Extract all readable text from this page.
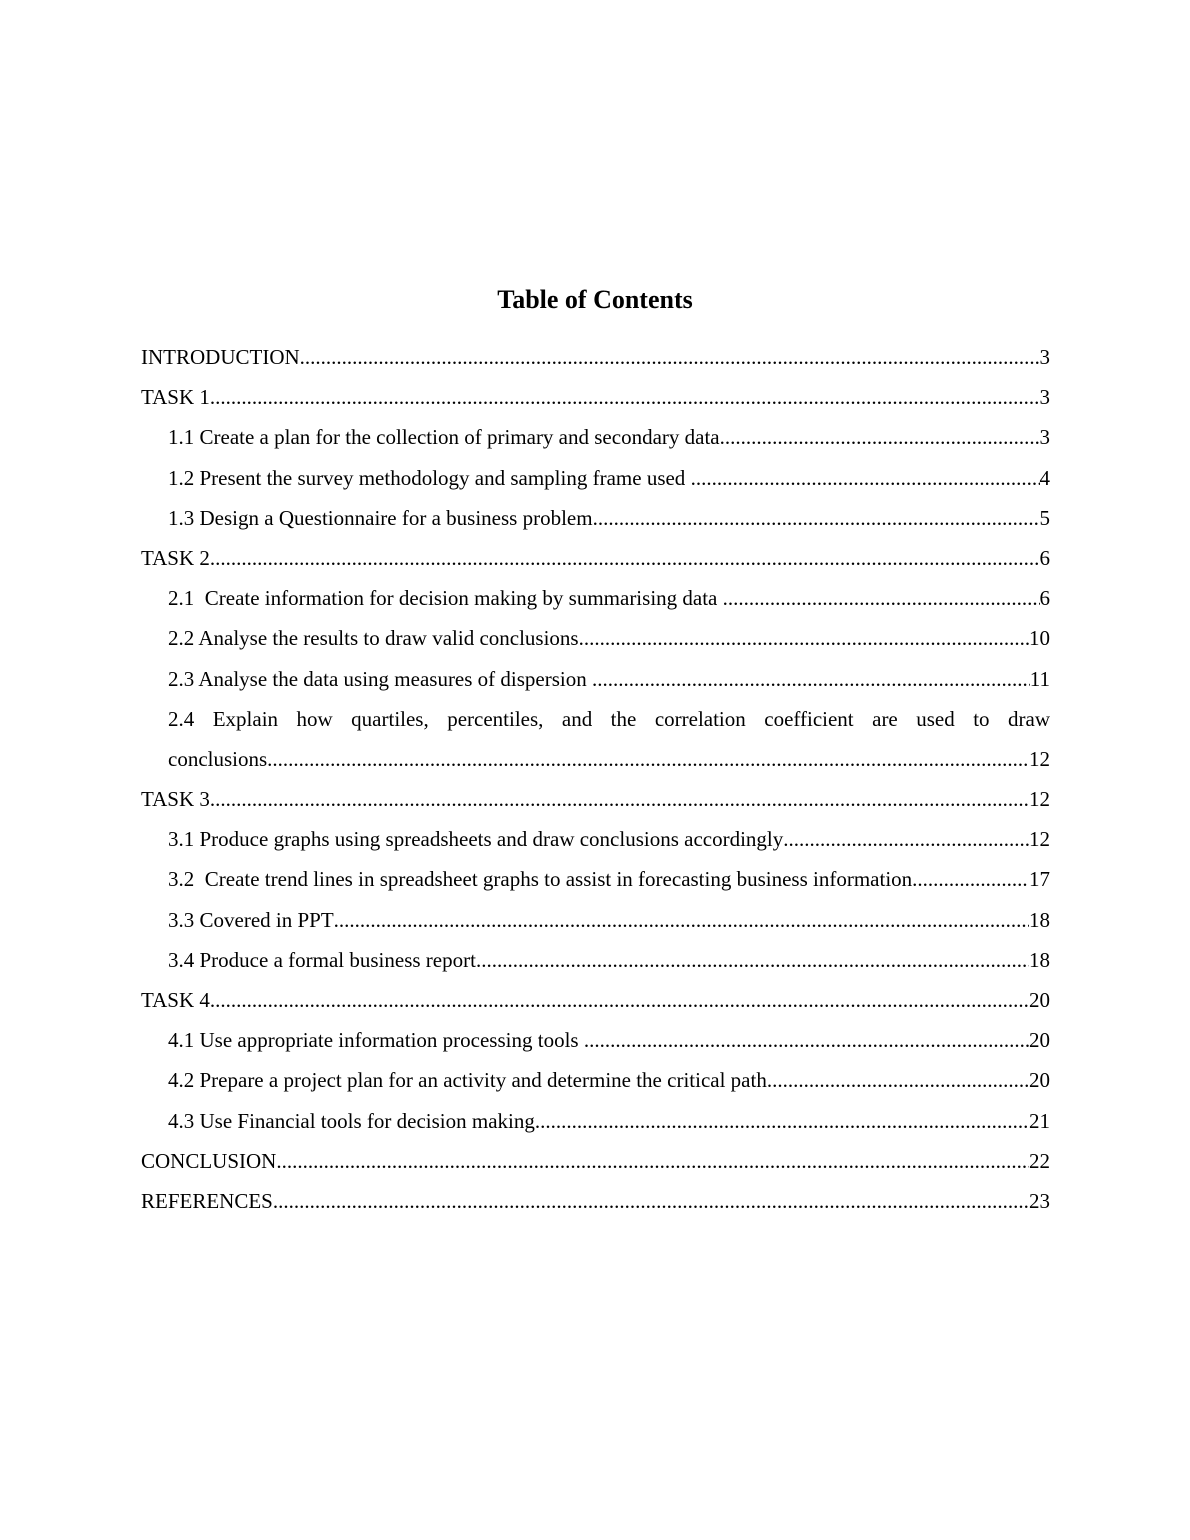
Table of Contents
INTRODUCTION .....	3
TASK 1 .....	3
1.1 Create a plan for the collection of primary and secondary data .....	3
1.2 Present the survey methodology and sampling frame used .....	4
1.3 Design a Questionnaire for a business problem .....	5
TASK 2 .....	6
2.1  Create information for decision making by summarising data .....	6
2.2 Analyse the results to draw valid conclusions .....	10
2.3 Analyse the data using measures of dispersion .....	11
2.4 Explain how quartiles, percentiles, and the correlation coefficient are used to draw
conclusions .....	12
TASK 3 .....	12
3.1 Produce graphs using spreadsheets and draw conclusions accordingly .....	12
3.2  Create trend lines in spreadsheet graphs to assist in forecasting business information .....	17
3.3 Covered in PPT .....	18
3.4 Produce a formal business report .....	18
TASK 4 .....	20
4.1 Use appropriate information processing tools .....	20
4.2 Prepare a project plan for an activity and determine the critical path .....	20
4.3 Use Financial tools for decision making .....	21
CONCLUSION .....	22
REFERENCES .....	23
